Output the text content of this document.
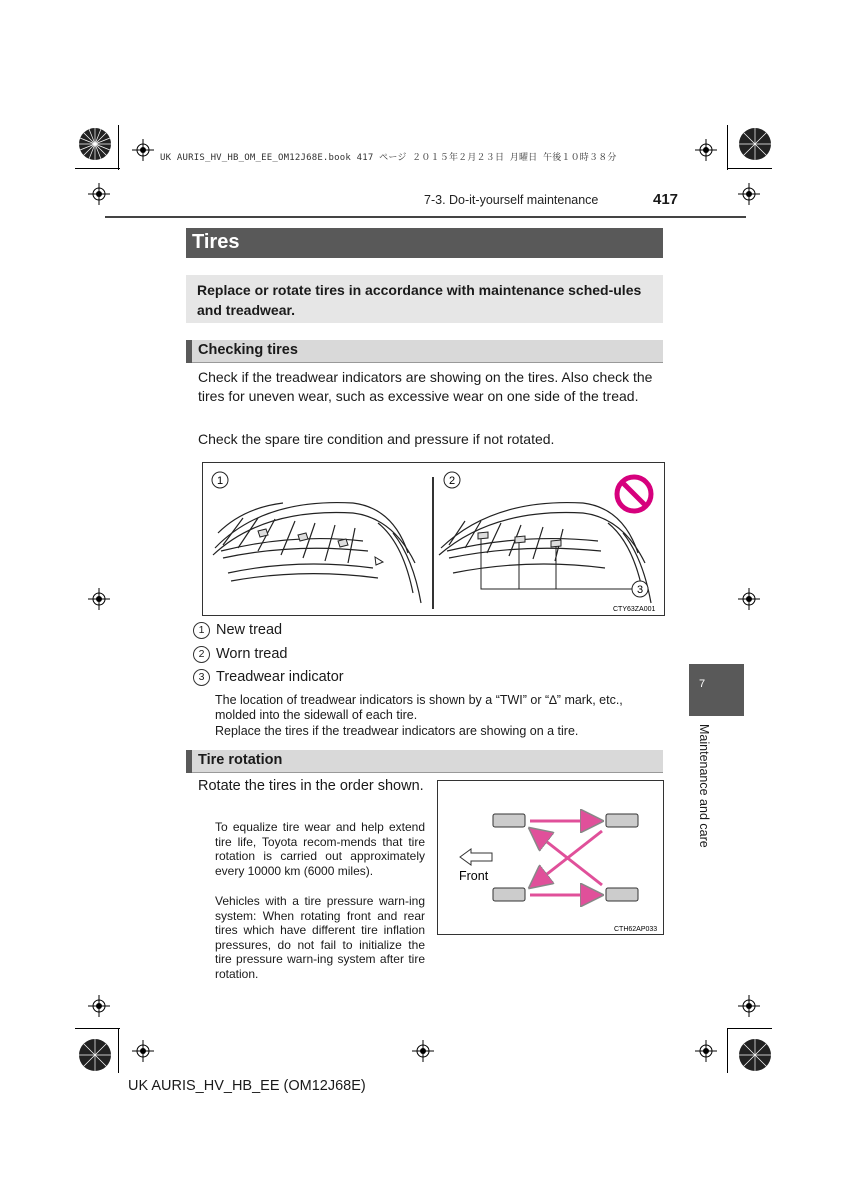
UK AURIS_HV_HB_OM_EE_OM12J68E.book 417 ページ ２０１５年２月２３日 月曜日 午後１０時３８分
7-3. Do-it-yourself maintenance	417
Tires
Replace or rotate tires in accordance with maintenance sched-ules and treadwear.
Checking tires
Check if the treadwear indicators are showing on the tires. Also check the tires for uneven wear, such as excessive wear on one side of the tread.
Check the spare tire condition and pressure if not rotated.
1	2
3
CTY63ZA001
1 New tread
2 Worn tread
3 Treadwear indicator
The location of treadwear indicators is shown by a “TWI” or “∆” mark, etc., molded into the sidewall of each tire.
Replace the tires if the treadwear indicators are showing on a tire.
Tire rotation
Rotate the tires in the order shown.
To equalize tire wear and help extend tire life, Toyota recom-mends that tire rotation is carried out approximately every 10000 km (6000 miles).
Vehicles with a tire pressure warn-ing system: When rotating front and rear tires which have different tire inflation pressures, do not fail to initialize the tire pressure warn-ing system after tire rotation.
Front
CTH62AP033
7
Maintenance and care
UK AURIS_HV_HB_EE (OM12J68E)
